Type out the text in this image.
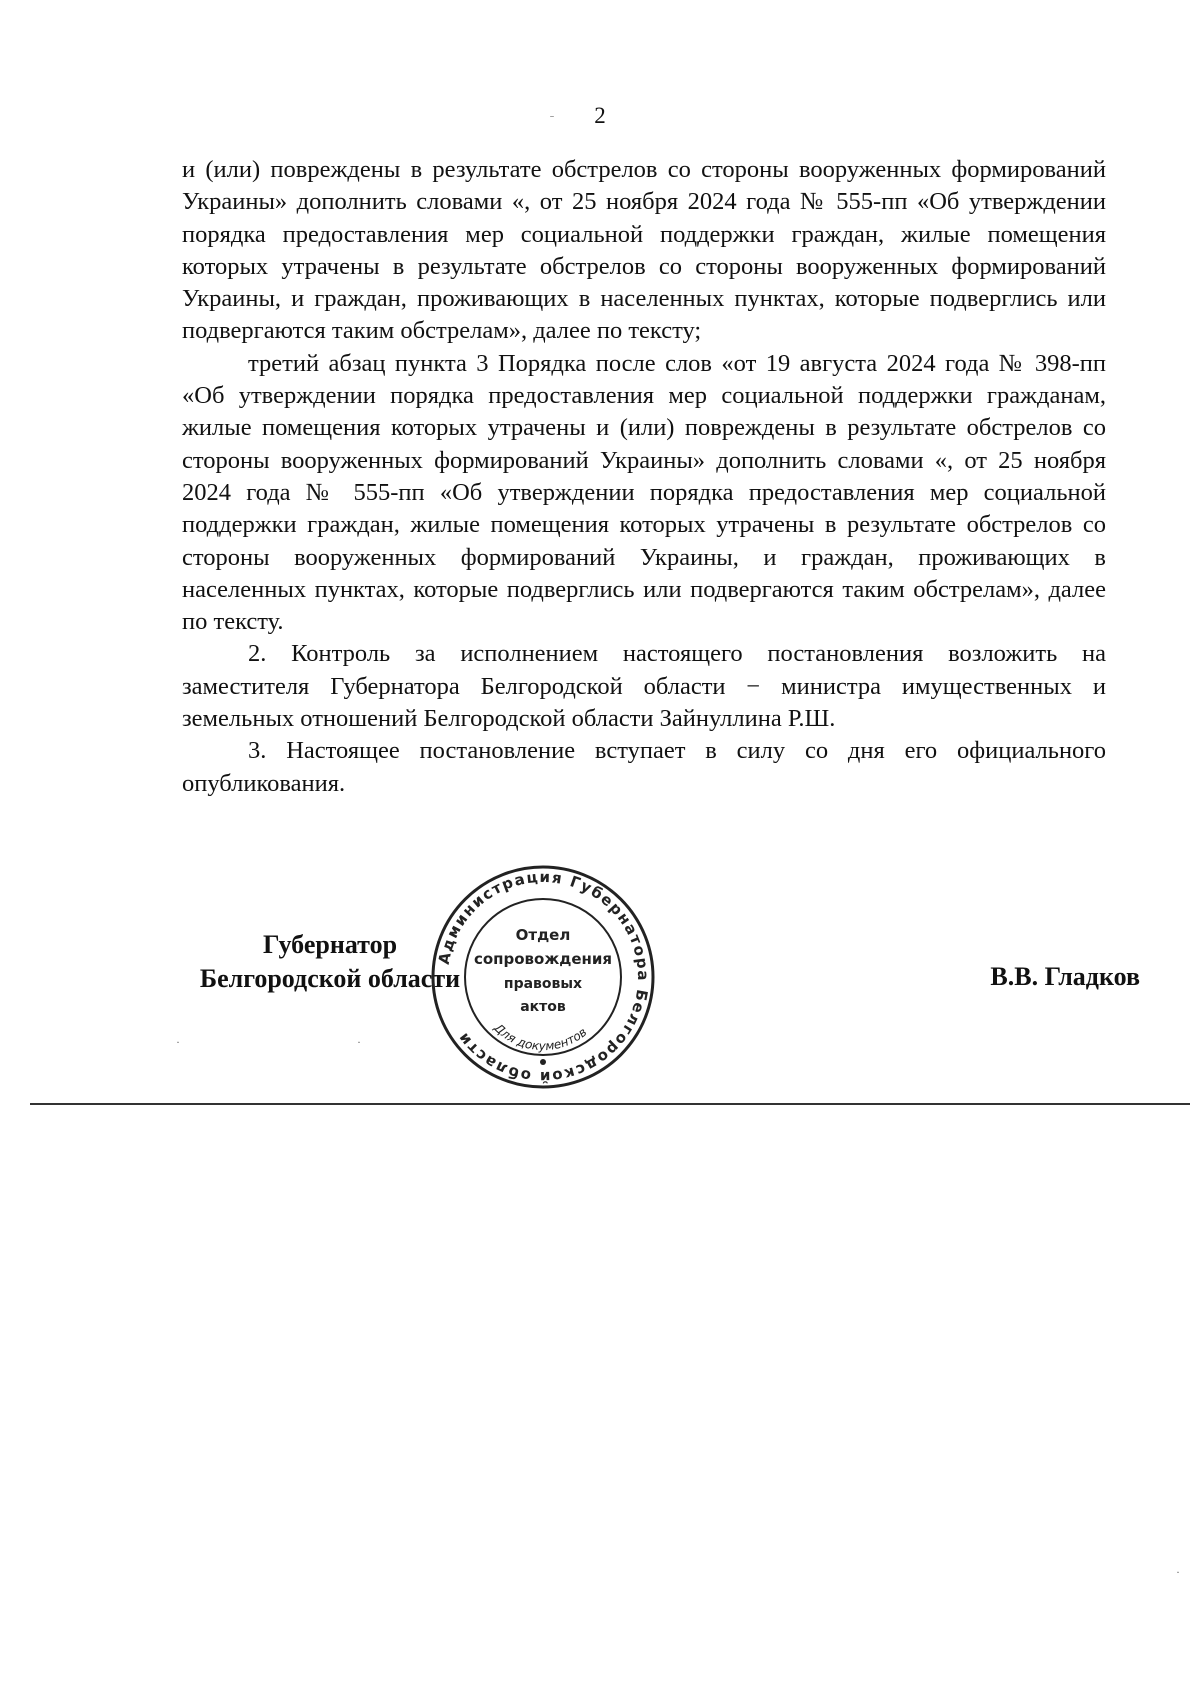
2

и (или) повреждены в результате обстрелов со стороны вооруженных формирований Украины» дополнить словами «, от 25 ноября 2024 года № 555-пп «Об утверждении порядка предоставления мер социальной поддержки граждан, жилые помещения которых утрачены в результате обстрелов со стороны вооруженных формирований Украины, и граждан, проживающих в населенных пунктах, которые подверглись или подвергаются таким обстрелам», далее по тексту;

третий абзац пункта 3 Порядка после слов «от 19 августа 2024 года № 398-пп «Об утверждении порядка предоставления мер социальной поддержки гражданам, жилые помещения которых утрачены и (или) повреждены в результате обстрелов со стороны вооруженных формирований Украины» дополнить словами «, от 25 ноября 2024 года № 555-пп «Об утверждении порядка предоставления мер социальной поддержки граждан, жилые помещения которых утрачены в результате обстрелов со стороны вооруженных формирований Украины, и граждан, проживающих в населенных пунктах, которые подверглись или подвергаются таким обстрелам», далее по тексту.

2. Контроль за исполнением настоящего постановления возложить на заместителя Губернатора Белгородской области − министра имущественных и земельных отношений Белгородской области Зайнуллина Р.Ш.

3. Настоящее постановление вступает в силу со дня его официального опубликования.

Губернатор
Белгородской области
Администрация Губернатора Белгородской области
Отдел
сопровождения
правовых
актов
Для документов
В.В. Гладков
ˉ
·	·
·
